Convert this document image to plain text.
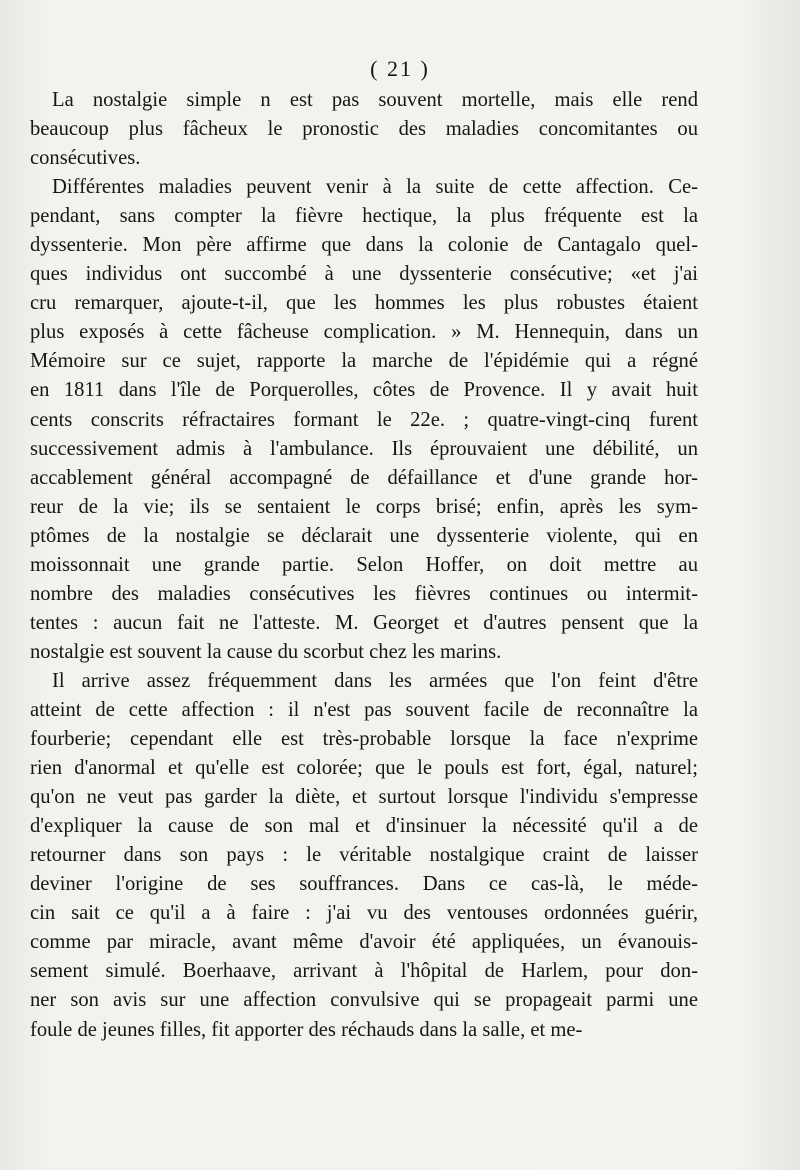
( 21 )
La nostalgie simple n est pas souvent mortelle, mais elle rend
beaucoup plus fâcheux le pronostic des maladies concomitantes ou
consécutives.
Différentes maladies peuvent venir à la suite de cette affection. Ce-
pendant, sans compter la fièvre hectique, la plus fréquente est la
dyssenterie. Mon père affirme que dans la colonie de Cantagalo quel-
ques individus ont succombé à une dyssenterie consécutive; «et j'ai
cru remarquer, ajoute-t-il, que les hommes les plus robustes étaient
plus exposés à cette fâcheuse complication. » M. Hennequin, dans un
Mémoire sur ce sujet, rapporte la marche de l'épidémie qui a régné
en 1811 dans l'île de Porquerolles, côtes de Provence. Il y avait huit
cents conscrits réfractaires formant le 22e. ; quatre-vingt-cinq furent
successivement admis à l'ambulance. Ils éprouvaient une débilité, un
accablement général accompagné de défaillance et d'une grande hor-
reur de la vie; ils se sentaient le corps brisé; enfin, après les sym-
ptômes de la nostalgie se déclarait une dyssenterie violente, qui en
moissonnait une grande partie. Selon Hoffer, on doit mettre au
nombre des maladies consécutives les fièvres continues ou intermit-
tentes : aucun fait ne l'atteste. M. Georget et d'autres pensent que la
nostalgie est souvent la cause du scorbut chez les marins.
Il arrive assez fréquemment dans les armées que l'on feint d'être
atteint de cette affection : il n'est pas souvent facile de reconnaître la
fourberie; cependant elle est très-probable lorsque la face n'exprime
rien d'anormal et qu'elle est colorée; que le pouls est fort, égal, naturel;
qu'on ne veut pas garder la diète, et surtout lorsque l'individu s'empresse
d'expliquer la cause de son mal et d'insinuer la nécessité qu'il a de
retourner dans son pays : le véritable nostalgique craint de laisser
deviner l'origine de ses souffrances. Dans ce cas-là, le méde-
cin sait ce qu'il a à faire : j'ai vu des ventouses ordonnées guérir,
comme par miracle, avant même d'avoir été appliquées, un évanouis-
sement simulé. Boerhaave, arrivant à l'hôpital de Harlem, pour don-
ner son avis sur une affection convulsive qui se propageait parmi une
foule de jeunes filles, fit apporter des réchauds dans la salle, et me-
